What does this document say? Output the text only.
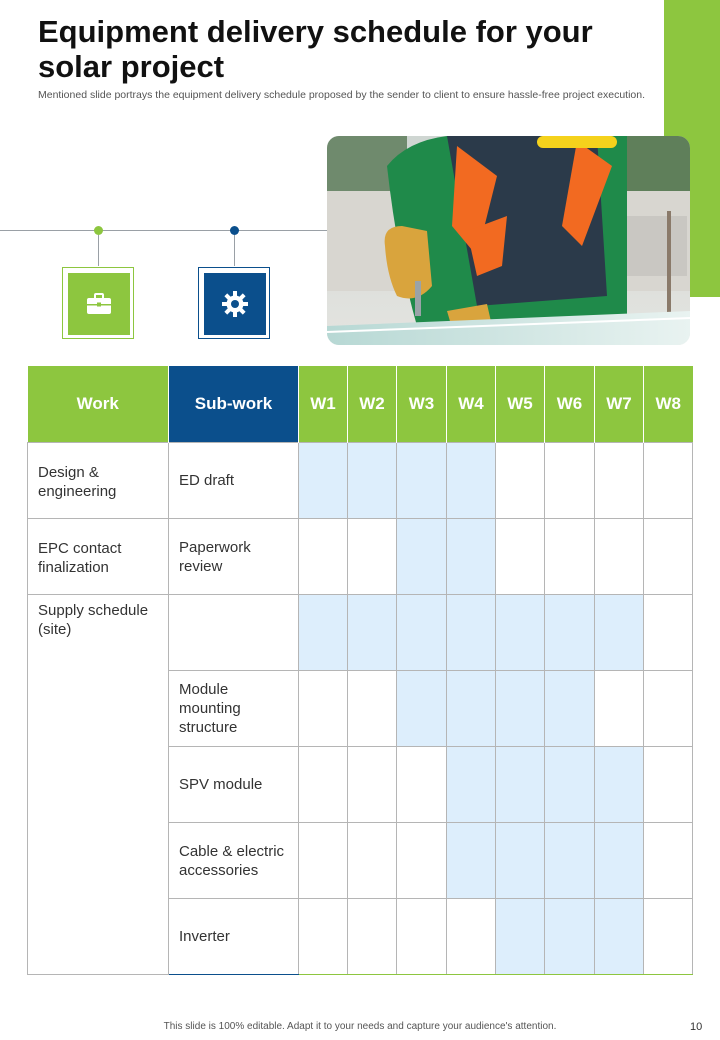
Equipment delivery schedule for your solar project

Mentioned slide portrays the equipment delivery schedule proposed by the sender to client to ensure hassle-free project execution.

Work	Sub-work	W1	W2	W3	W4	W5	W6	W7	W8
Design & engineering	ED draft								
EPC contact finalization	Paperwork review								
Supply schedule (site)									
	Module mounting structure								
	SPV module								
	Cable & electric accessories								
	Inverter								
This slide is 100% editable. Adapt it to your needs and capture your audience's attention.	10
